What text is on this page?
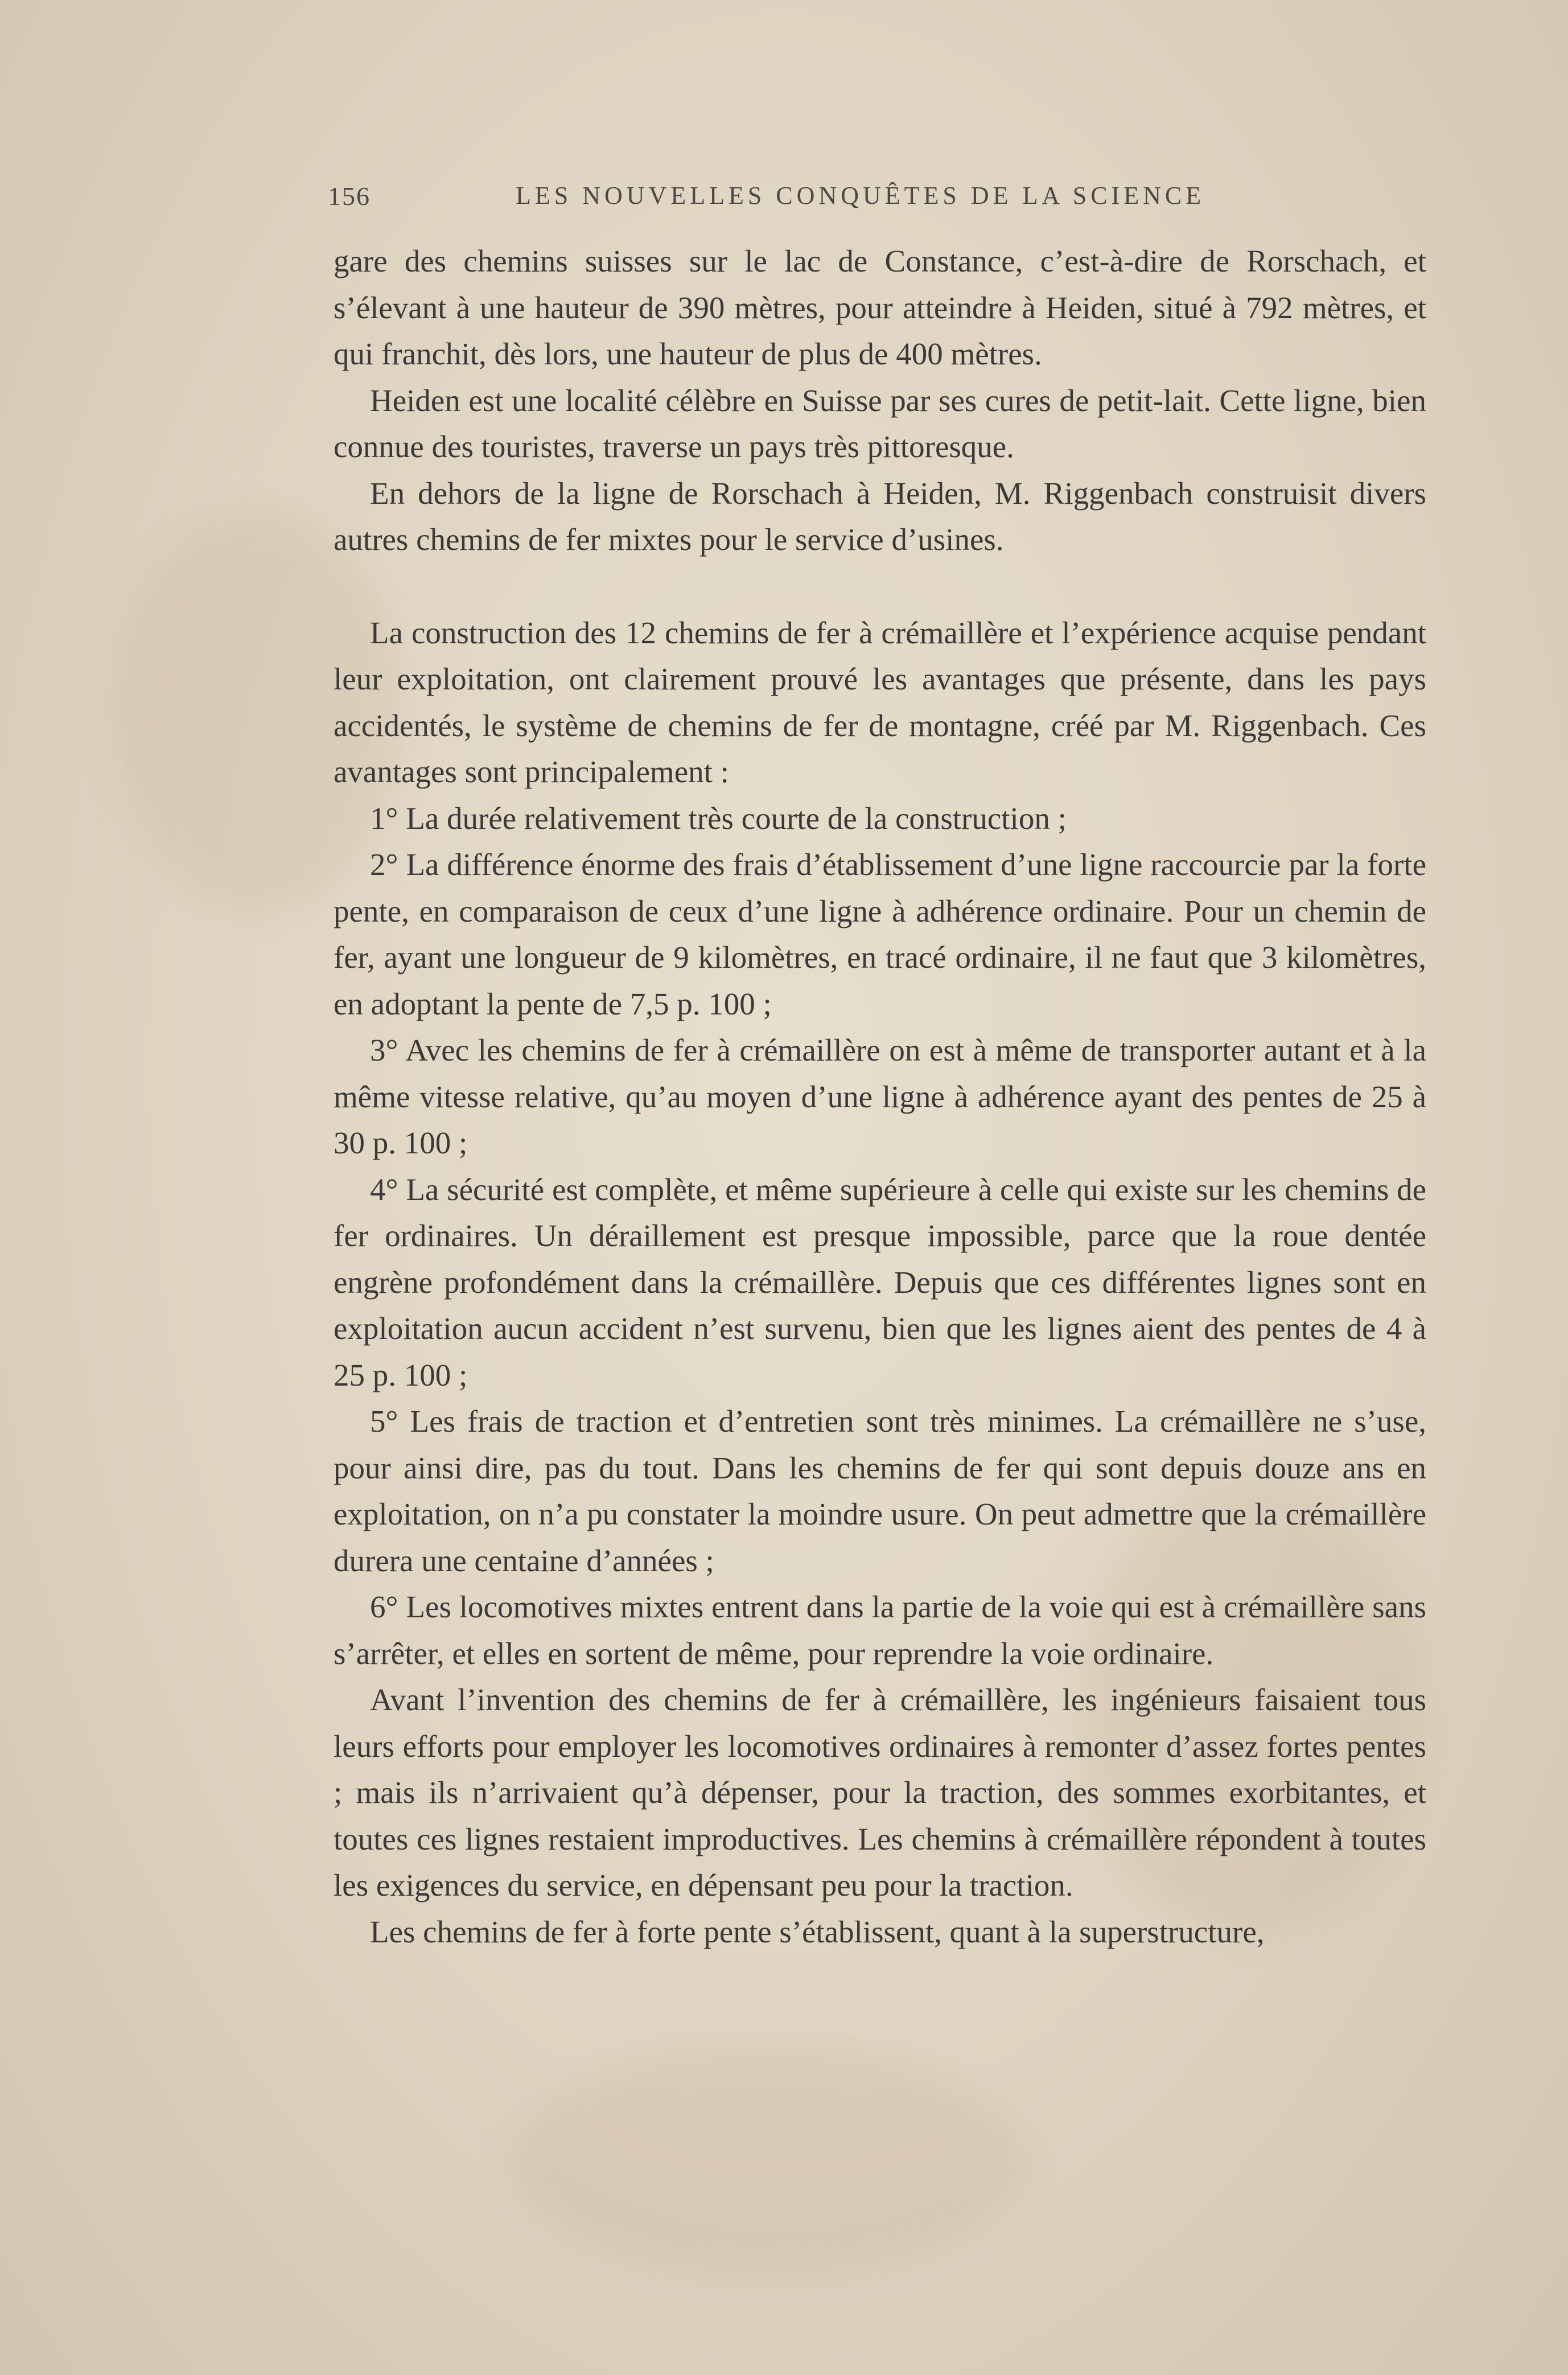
156	LES NOUVELLES CONQUÊTES DE LA SCIENCE

gare des chemins suisses sur le lac de Constance, c’est-à-dire de Rorschach, et s’élevant à une hauteur de 390 mètres, pour atteindre à Heiden, situé à 792 mètres, et qui franchit, dès lors, une hauteur de plus de 400 mètres.

Heiden est une localité célèbre en Suisse par ses cures de petit-lait. Cette ligne, bien connue des touristes, traverse un pays très pittoresque.

En dehors de la ligne de Rorschach à Heiden, M. Riggenbach construisit divers autres chemins de fer mixtes pour le service d’usines.

La construction des 12 chemins de fer à crémaillère et l’expérience acquise pendant leur exploitation, ont clairement prouvé les avantages que présente, dans les pays accidentés, le système de chemins de fer de montagne, créé par M. Riggenbach. Ces avantages sont principalement :

1° La durée relativement très courte de la construction ;

2° La différence énorme des frais d’établissement d’une ligne raccourcie par la forte pente, en comparaison de ceux d’une ligne à adhérence ordinaire. Pour un chemin de fer, ayant une longueur de 9 kilomètres, en tracé ordinaire, il ne faut que 3 kilomètres, en adoptant la pente de 7,5 p. 100 ;

3° Avec les chemins de fer à crémaillère on est à même de transporter autant et à la même vitesse relative, qu’au moyen d’une ligne à adhérence ayant des pentes de 25 à 30 p. 100 ;

4° La sécurité est complète, et même supérieure à celle qui existe sur les chemins de fer ordinaires. Un déraillement est presque impossible, parce que la roue dentée engrène profondément dans la crémaillère. Depuis que ces différentes lignes sont en exploitation aucun accident n’est survenu, bien que les lignes aient des pentes de 4 à 25 p. 100 ;

5° Les frais de traction et d’entretien sont très minimes. La crémaillère ne s’use, pour ainsi dire, pas du tout. Dans les chemins de fer qui sont depuis douze ans en exploitation, on n’a pu constater la moindre usure. On peut admettre que la crémaillère durera une centaine d’années ;

6° Les locomotives mixtes entrent dans la partie de la voie qui est à crémaillère sans s’arrêter, et elles en sortent de même, pour reprendre la voie ordinaire.

Avant l’invention des chemins de fer à crémaillère, les ingénieurs faisaient tous leurs efforts pour employer les locomotives ordinaires à remonter d’assez fortes pentes ; mais ils n’arrivaient qu’à dépenser, pour la traction, des sommes exorbitantes, et toutes ces lignes restaient improductives. Les chemins à crémaillère répondent à toutes les exigences du service, en dépensant peu pour la traction.

Les chemins de fer à forte pente s’établissent, quant à la superstructure,
